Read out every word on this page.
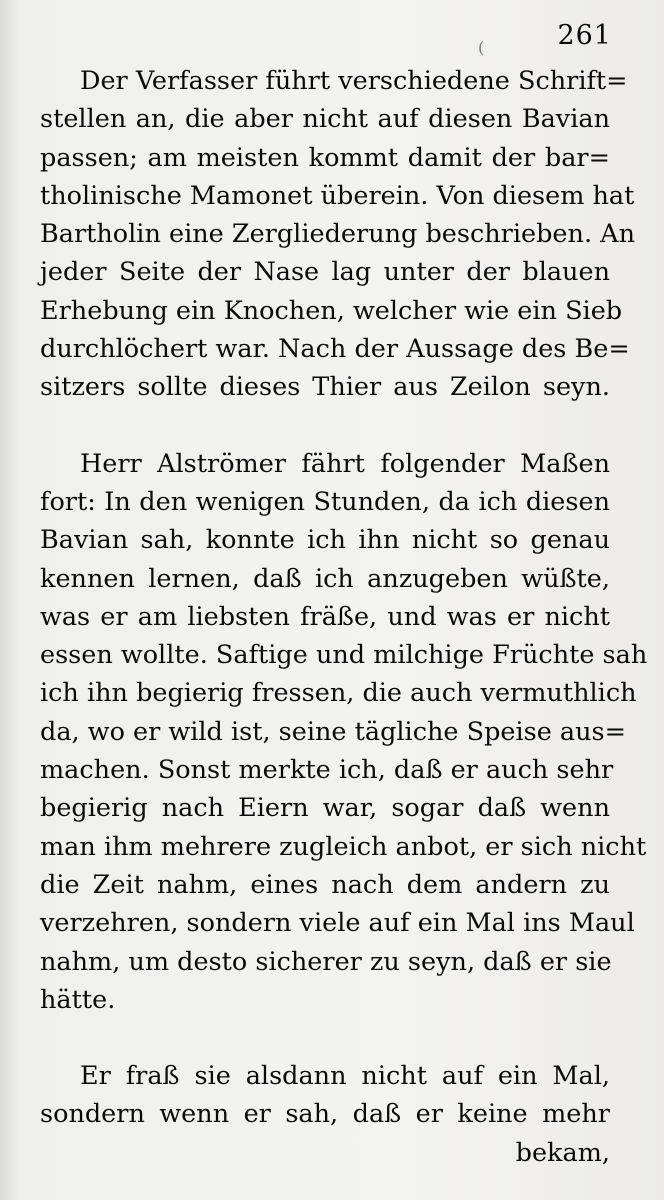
261
(
Der Verfasser führt verschiedene Schrift=
stellen an, die aber nicht auf diesen Bavian
passen; am meisten kommt damit der bar=
tholinische Mamonet überein. Von diesem hat
Bartholin eine Zergliederung beschrieben. An
jeder Seite der Nase lag unter der blauen
Erhebung ein Knochen, welcher wie ein Sieb
durchlöchert war. Nach der Aussage des Be=
sitzers sollte dieses Thier aus Zeilon seyn.
Herr Alströmer fährt folgender Maßen
fort: In den wenigen Stunden, da ich diesen
Bavian sah, konnte ich ihn nicht so genau
kennen lernen, daß ich anzugeben wüßte,
was er am liebsten fräße, und was er nicht
essen wollte. Saftige und milchige Früchte sah
ich ihn begierig fressen, die auch vermuthlich
da, wo er wild ist, seine tägliche Speise aus=
machen. Sonst merkte ich, daß er auch sehr
begierig nach Eiern war, sogar daß wenn
man ihm mehrere zugleich anbot, er sich nicht
die Zeit nahm, eines nach dem andern zu
verzehren, sondern viele auf ein Mal ins Maul
nahm, um desto sicherer zu seyn, daß er sie
hätte.
Er fraß sie alsdann nicht auf ein Mal,
sondern wenn er sah, daß er keine mehr
bekam,
